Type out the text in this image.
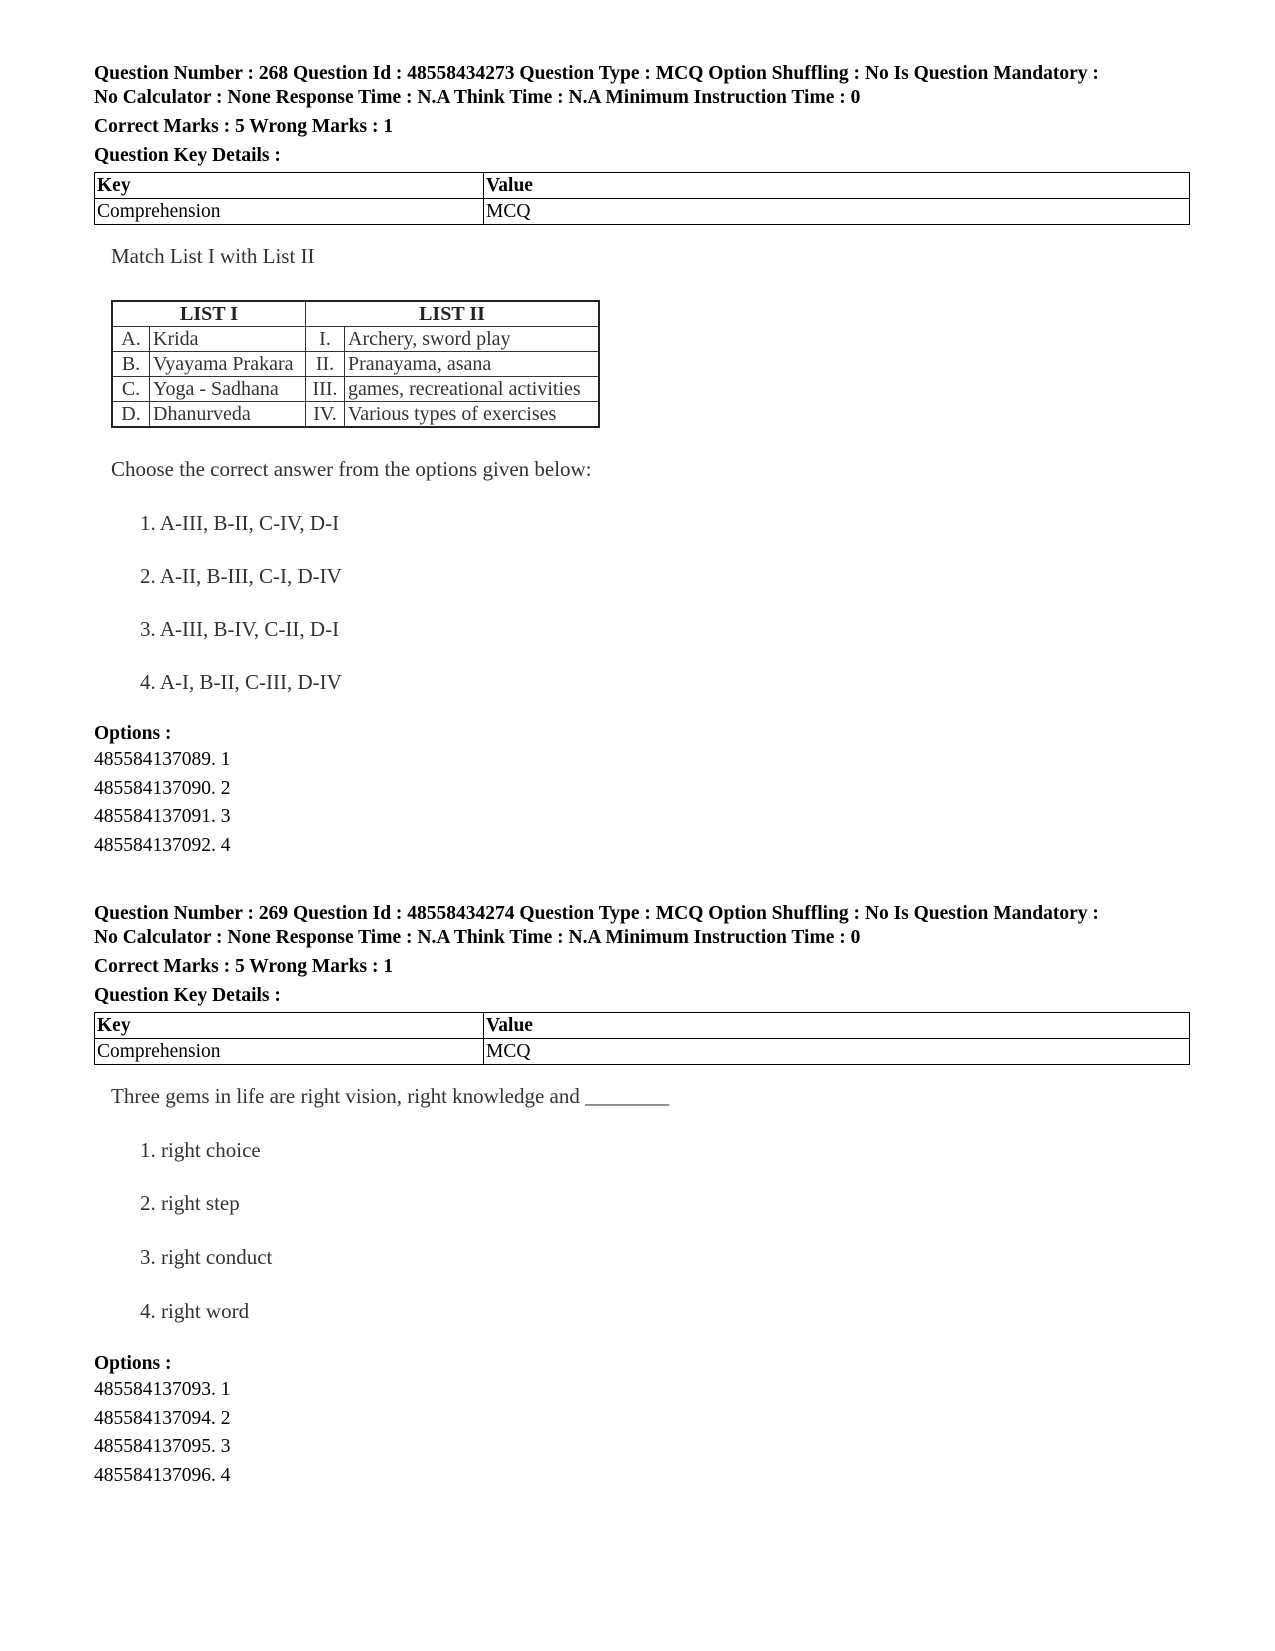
Question Number : 268 Question Id : 48558434273 Question Type : MCQ Option Shuffling : No Is Question Mandatory :

No Calculator : None Response Time : N.A Think Time : N.A Minimum Instruction Time : 0

Correct Marks : 5 Wrong Marks : 1
Question Key Details :
Key	Value
Comprehension	MCQ

Match List I with List II

LIST I		LIST II	
A.	Krida	I.	Archery, sword play
B.	Vyayama Prakara	II.	Pranayama, asana
C.	Yoga - Sadhana	III.	games, recreational activities
D.	Dhanurveda	IV.	Various types of exercises

Choose the correct answer from the options given below:

1. A-III, B-II, C-IV, D-I
2. A-II, B-III, C-I, D-IV
3. A-III, B-IV, C-II, D-I
4. A-I, B-II, C-III, D-IV
Options :
485584137089. 1
485584137090. 2
485584137091. 3
485584137092. 4

Question Number : 269 Question Id : 48558434274 Question Type : MCQ Option Shuffling : No Is Question Mandatory :

No Calculator : None Response Time : N.A Think Time : N.A Minimum Instruction Time : 0

Correct Marks : 5 Wrong Marks : 1
Question Key Details :
Key	Value
Comprehension	MCQ

Three gems in life are right vision, right knowledge and ________

1. right choice
2. right step
3. right conduct
4. right word
Options :
485584137093. 1
485584137094. 2
485584137095. 3
485584137096. 4
